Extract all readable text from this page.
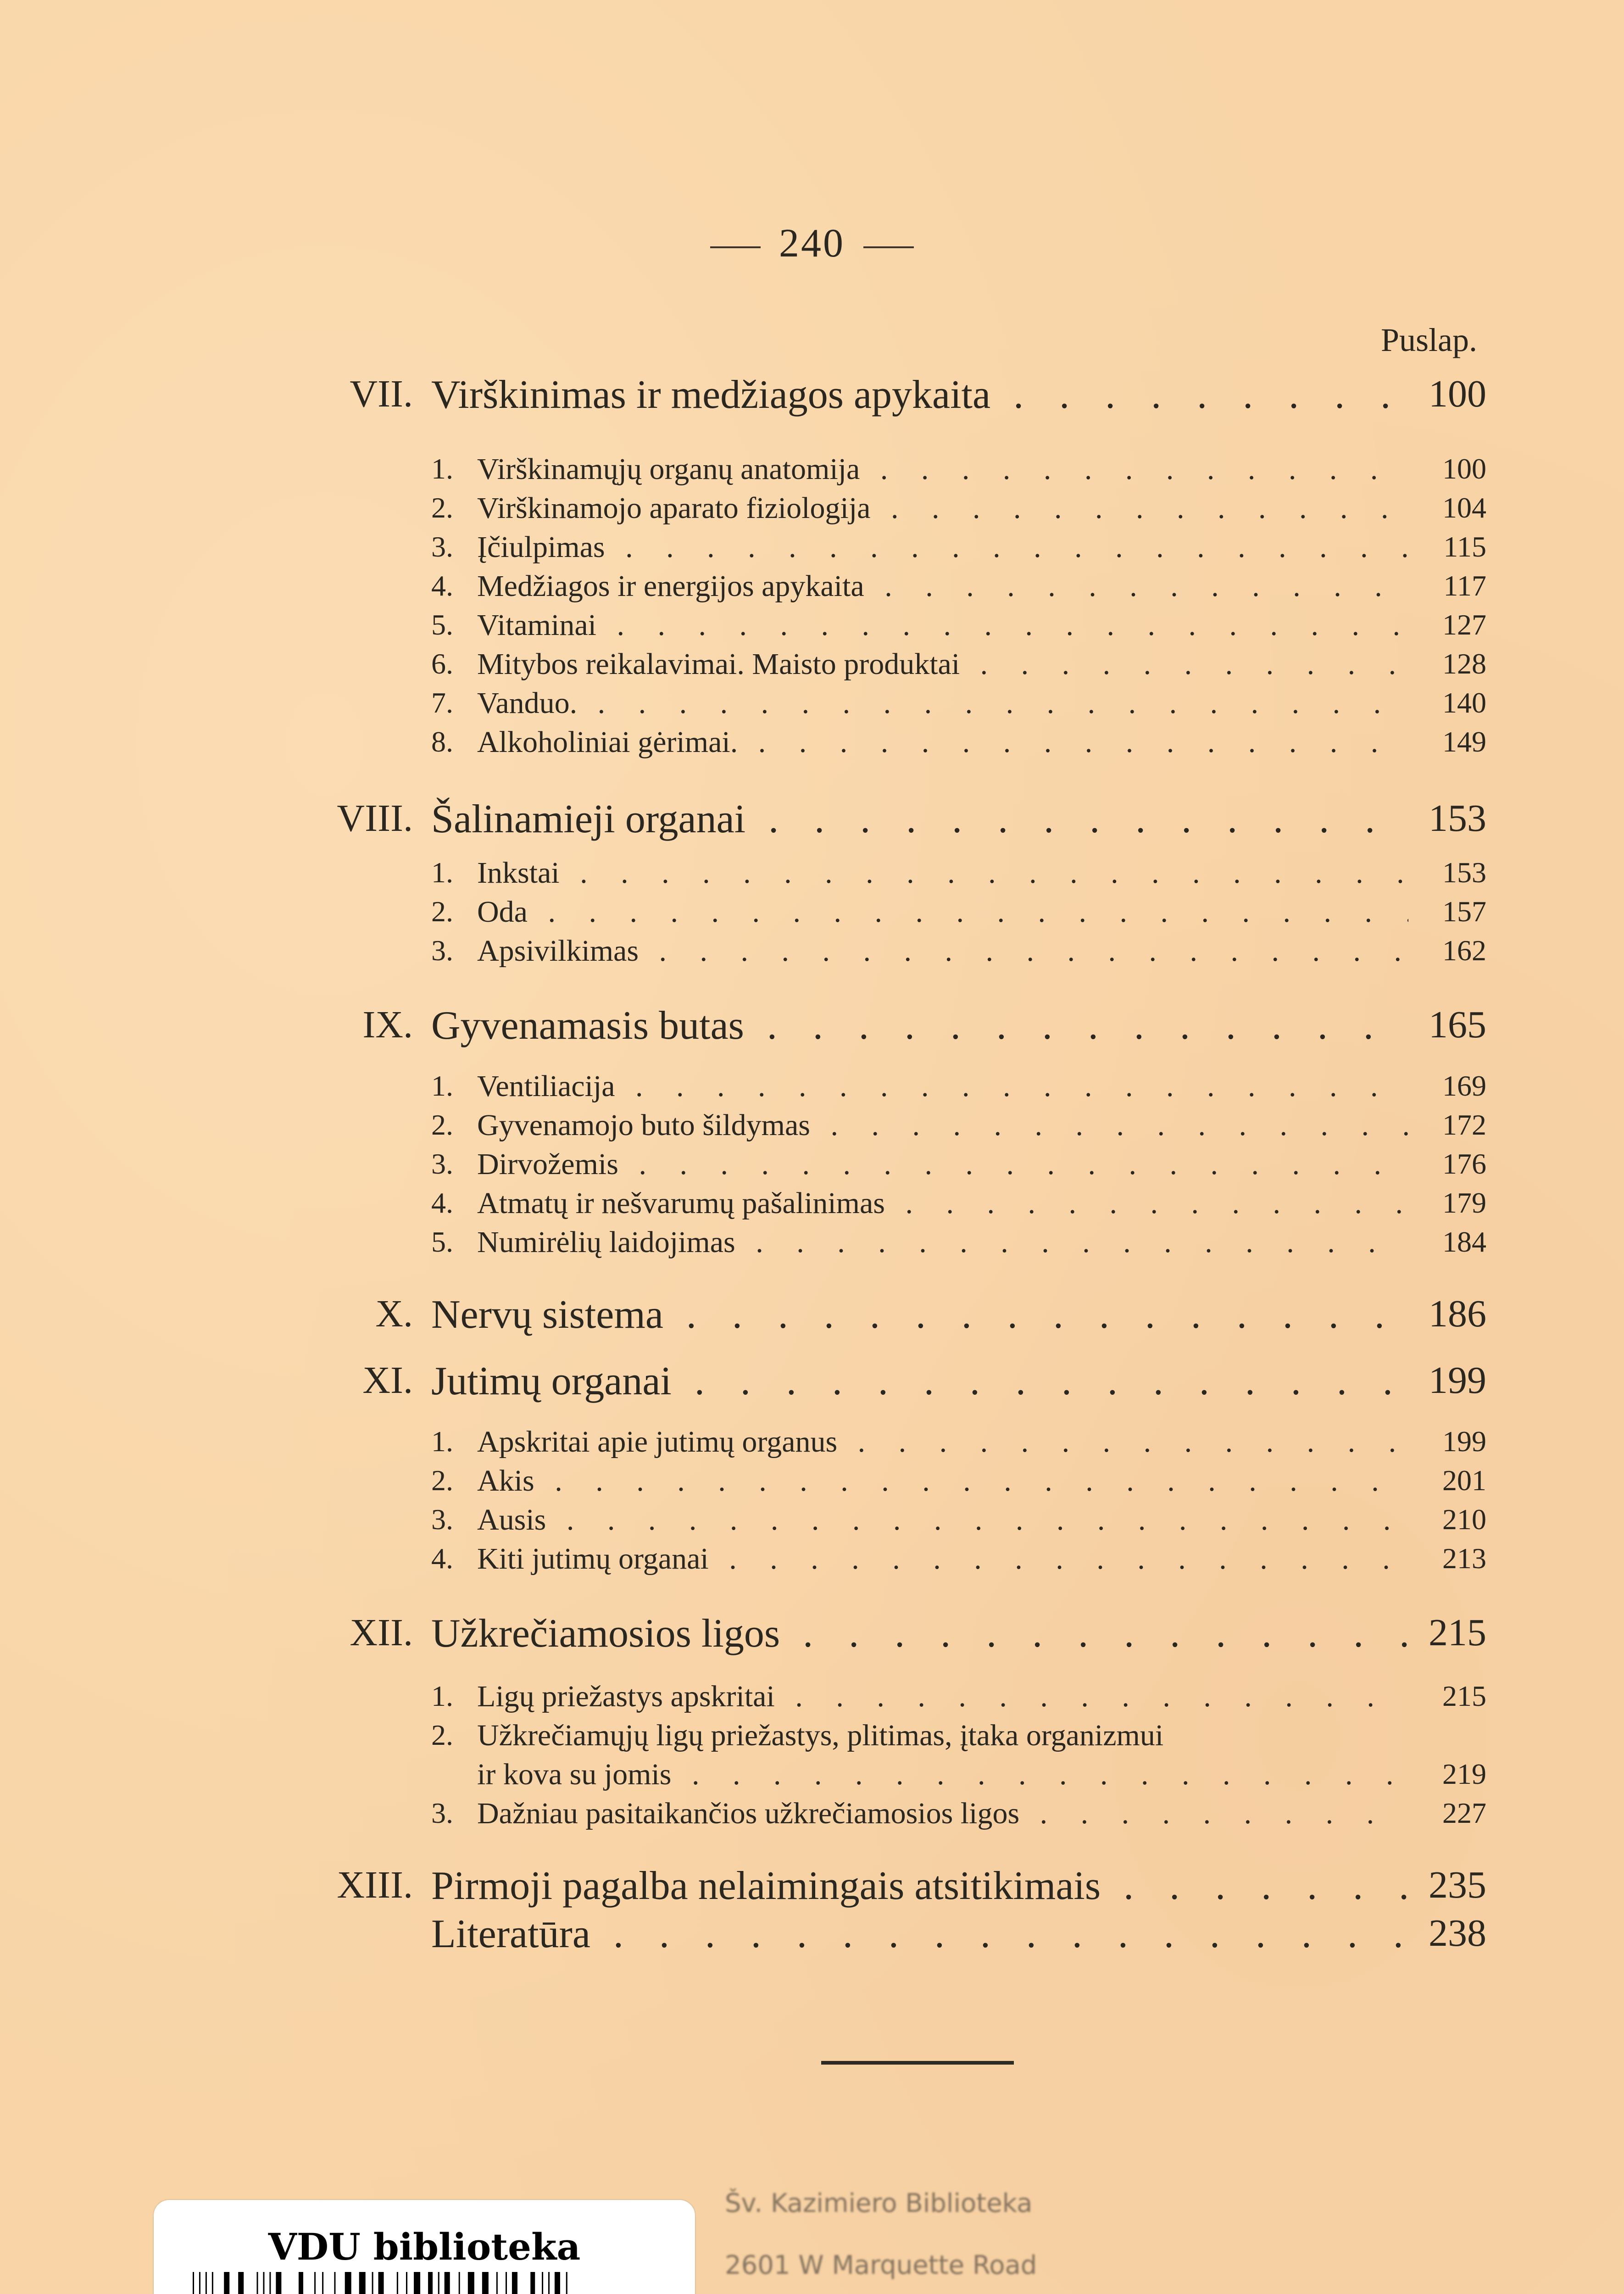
240
Puslap.
VII. Virškinimas ir medžiagos apykaita . . .	100
1. Virškinamųjų organų anatomija . . .	100
2. Virškinamojo aparato fiziologija . . .	104
3. Įčiulpimas . . .	115
4. Medžiagos ir energijos apykaita . . .	117
5. Vitaminai . . .	127
6. Mitybos reikalavimai. Maisto produktai . . .	128
7. Vanduo. . . .	140
8. Alkoholiniai gėrimai. . . .	149
VIII. Šalinamieji organai . . .	153
1. Inkstai . . .	153
2. Oda . . .	157
3. Apsivilkimas . . .	162
IX. Gyvenamasis butas . . .	165
1. Ventiliacija . . .	169
2. Gyvenamojo buto šildymas . . .	172
3. Dirvožemis . . .	176
4. Atmatų ir nešvarumų pašalinimas . . .	179
5. Numirėlių laidojimas . . .	184
X. Nervų sistema . . .	186
XI. Jutimų organai . . .	199
1. Apskritai apie jutimų organus . . .	199
2. Akis . . .	201
3. Ausis . . .	210
4. Kiti jutimų organai . . .	213
XII. Užkrečiamosios ligos . . .	215
1. Ligų priežastys apskritai . . .	215
2. Užkrečiamųjų ligų priežastys, plitimas, įtaka organizmui
ir kova su jomis . . .	219
3. Dažniau pasitaikančios užkrečiamosios ligos . . .	227
XIII. Pirmoji pagalba nelaimingais atsitikimais . . .	235
Literatūra . . .	238
VDU biblioteka
Šv. Kazimiero Biblioteka
2601 W Marquette Road
